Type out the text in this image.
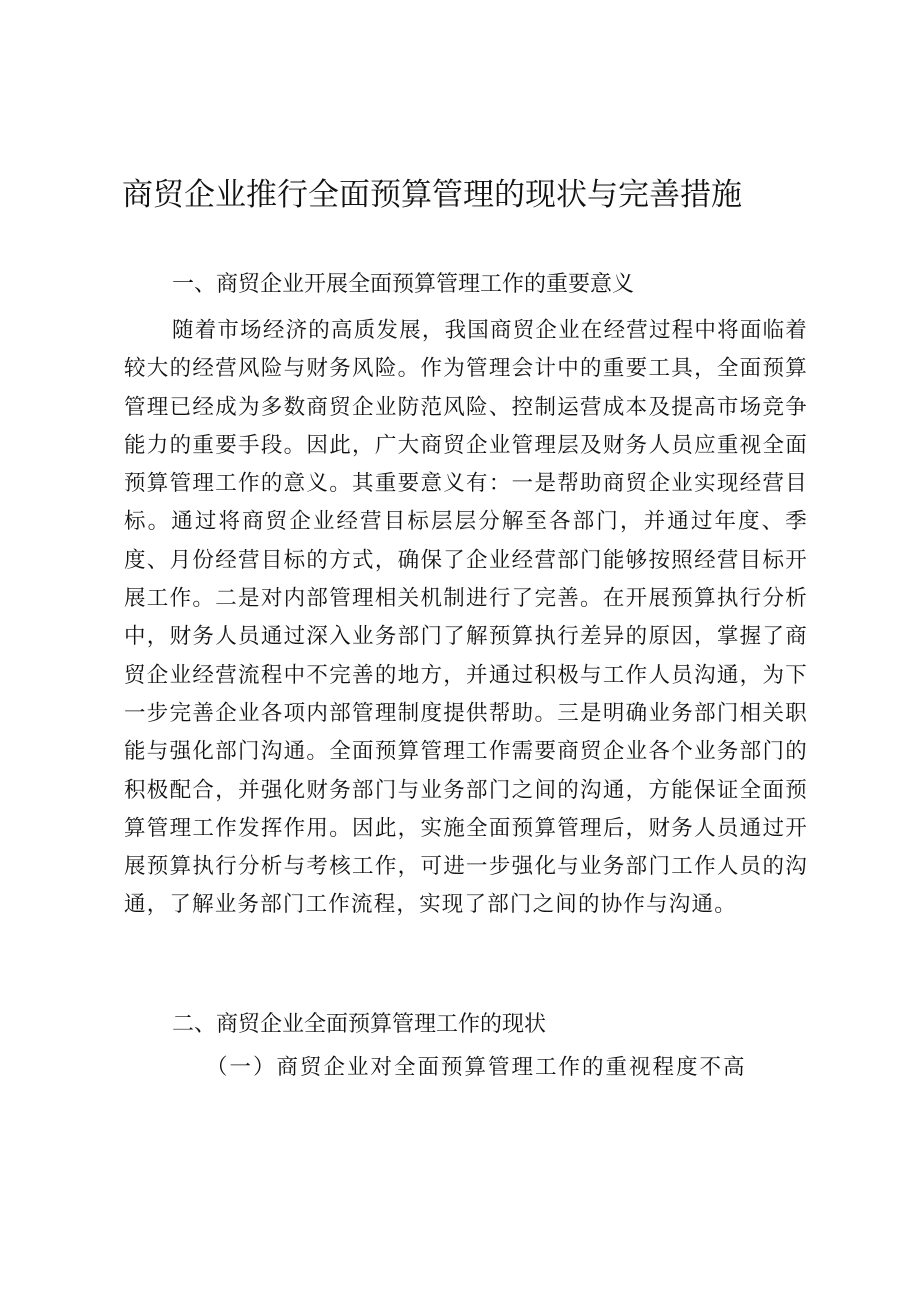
商贸企业推行全面预算管理的现状与完善措施
一、商贸企业开展全面预算管理工作的重要意义

随着市场经济的高质发展，我国商贸企业在经营过程中将面临着较大的经营风险与财务风险。作为管理会计中的重要工具，全面预算管理已经成为多数商贸企业防范风险、控制运营成本及提高市场竞争能力的重要手段。因此，广大商贸企业管理层及财务人员应重视全面预算管理工作的意义。其重要意义有：一是帮助商贸企业实现经营目标。通过将商贸企业经营目标层层分解至各部门，并通过年度、季度、月份经营目标的方式，确保了企业经营部门能够按照经营目标开展工作。二是对内部管理相关机制进行了完善。在开展预算执行分析中，财务人员通过深入业务部门了解预算执行差异的原因，掌握了商贸企业经营流程中不完善的地方，并通过积极与工作人员沟通，为下一步完善企业各项内部管理制度提供帮助。三是明确业务部门相关职能与强化部门沟通。全面预算管理工作需要商贸企业各个业务部门的积极配合，并强化财务部门与业务部门之间的沟通，方能保证全面预算管理工作发挥作用。因此，实施全面预算管理后，财务人员通过开展预算执行分析与考核工作，可进一步强化与业务部门工作人员的沟通，了解业务部门工作流程，实现了部门之间的协作与沟通。

二、商贸企业全面预算管理工作的现状
（一）商贸企业对全面预算管理工作的重视程度不高
